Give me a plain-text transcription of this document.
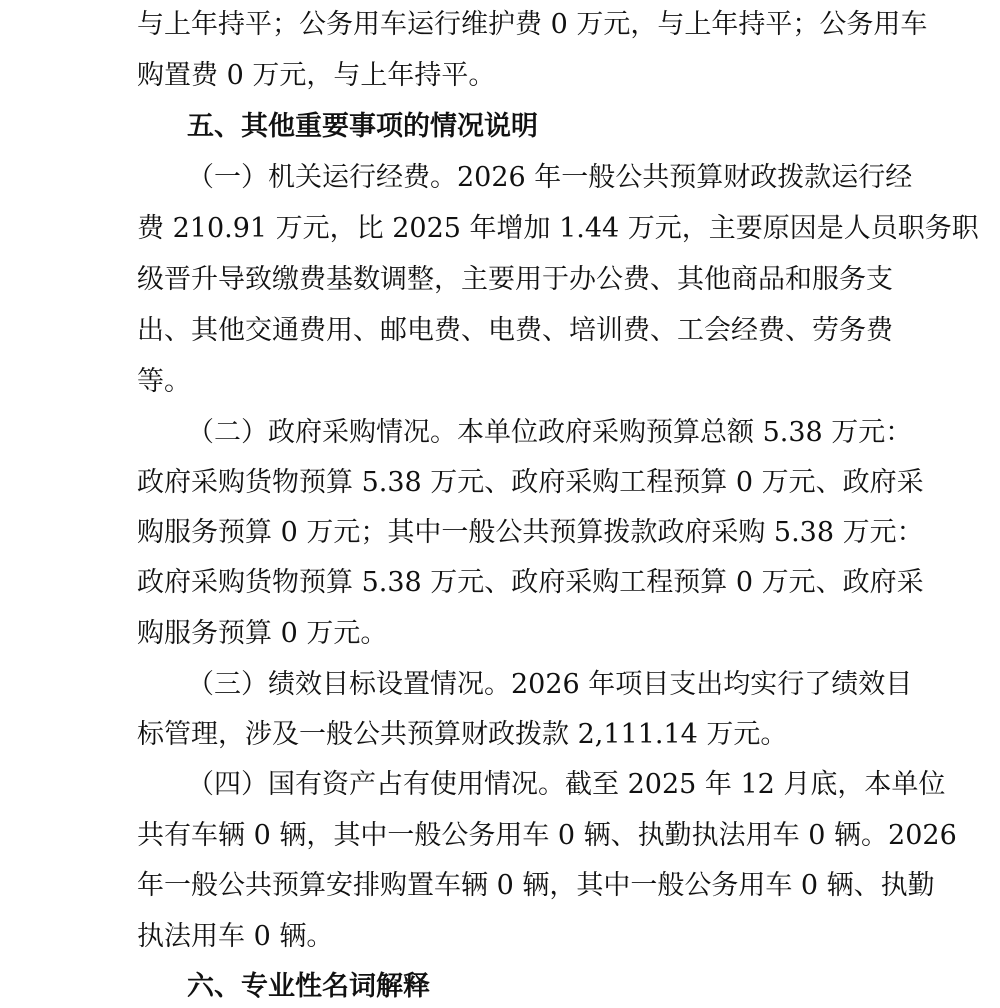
与上年持平；公务用车运行维护费 0 万元，与上年持平；公务用车
购置费 0 万元，与上年持平。
五、其他重要事项的情况说明
（一）机关运行经费。2026 年一般公共预算财政拨款运行经
费 210.91 万元，比 2025 年增加 1.44 万元，主要原因是人员职务职
级晋升导致缴费基数调整，主要用于办公费、其他商品和服务支
出、其他交通费用、邮电费、电费、培训费、工会经费、劳务费
等。
（二）政府采购情况。本单位政府采购预算总额 5.38 万元：
政府采购货物预算 5.38 万元、政府采购工程预算 0 万元、政府采
购服务预算 0 万元；其中一般公共预算拨款政府采购 5.38 万元：
政府采购货物预算 5.38 万元、政府采购工程预算 0 万元、政府采
购服务预算 0 万元。
（三）绩效目标设置情况。2026 年项目支出均实行了绩效目
标管理，涉及一般公共预算财政拨款 2,111.14 万元。
（四）国有资产占有使用情况。截至 2025 年 12 月底，本单位
共有车辆 0 辆，其中一般公务用车 0 辆、执勤执法用车 0 辆。2026
年一般公共预算安排购置车辆 0 辆，其中一般公务用车 0 辆、执勤
执法用车 0 辆。
六、专业性名词解释
